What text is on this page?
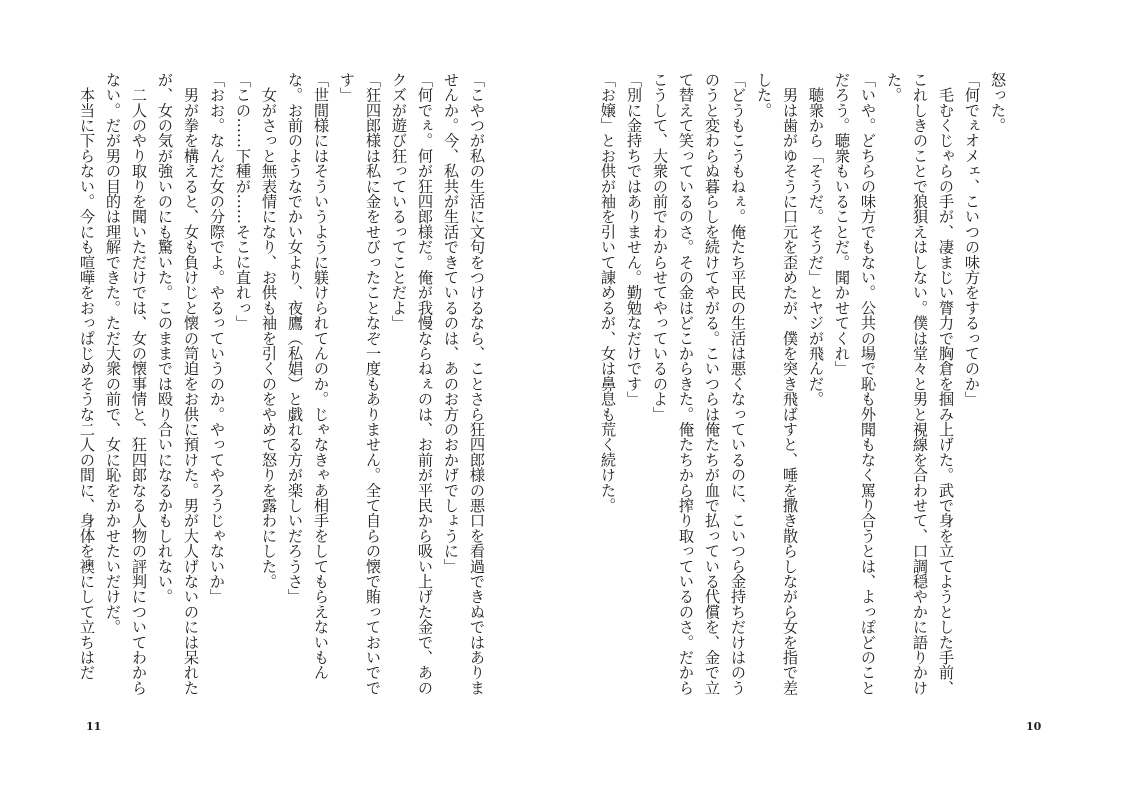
「こやつが私の生活に文句をつけるなら、ことさら狂四郎様の悪口を看過できぬではありま
せんか。今、私共が生活できているのは、あのお方のおかげでしょうに」
「何でぇ。何が狂四郎様だ。俺が我慢ならねぇのは、お前が平民から吸い上げた金で、あの
クズが遊び狂っているってことだよ」
「狂四郎様は私に金をせびったことなぞ一度もありません。全て自らの懐で賄っておいでで
す」
「世間様にはそういうように躾けられてんのか。じゃなきゃあ相手をしてもらえないもん
な。お前のようなでかい女より、夜鷹（私娼）と戯れる方が楽しいだろうさ」
　女がさっと無表情になり、お供も袖を引くのをやめて怒りを露わにした。
「この……下種が……そこに直れっ」
「おお。なんだ女の分際でよ。やるっていうのか。やってやろうじゃないか」
　男が拳を構えると、女も負けじと懐の笥迫をお供に預けた。男が大人げないのには呆れた
が、女の気が強いのにも驚いた。このままでは殴り合いになるかもしれない。
　二人のやり取りを聞いただけでは、女の懐事情と、狂四郎なる人物の評判についてわから
ない。だが男の目的は理解できた。ただ大衆の前で、女に恥をかかせたいだけだ。
　本当に下らない。今にも喧嘩をおっぱじめそうな二人の間に、身体を襖にして立ちはだ
11
怒った。
「何でぇオメェ、こいつの味方をするってのか」
　毛むくじゃらの手が、凄まじい膂力で胸倉を掴み上げた。武で身を立てようとした手前、
これしきのことで狼狽えはしない。僕は堂々と男と視線を合わせて、口調穏やかに語りかけ
た。
「いや。どちらの味方でもない。公共の場で恥も外聞もなく罵り合うとは、よっぽどのこと
だろう。聴衆もいることだ。聞かせてくれ」
　聴衆から「そうだ。そうだ」とヤジが飛んだ。
　男は歯がゆそうに口元を歪めたが、僕を突き飛ばすと、唾を撒き散らしながら女を指で差
した。
「どうもこうもねぇ。俺たち平民の生活は悪くなっているのに、こいつら金持ちだけはのう
のうと変わらぬ暮らしを続けてやがる。こいつらは俺たちが血で払っている代償を、金で立
て替えて笑っているのさ。その金はどこからきた。俺たちから搾り取っているのさ。だから
こうして、大衆の前でわからせてやっているのよ」
「別に金持ちではありません。勤勉なだけです」
「お嬢」とお供が袖を引いて諌めるが、女は鼻息も荒く続けた。
10
